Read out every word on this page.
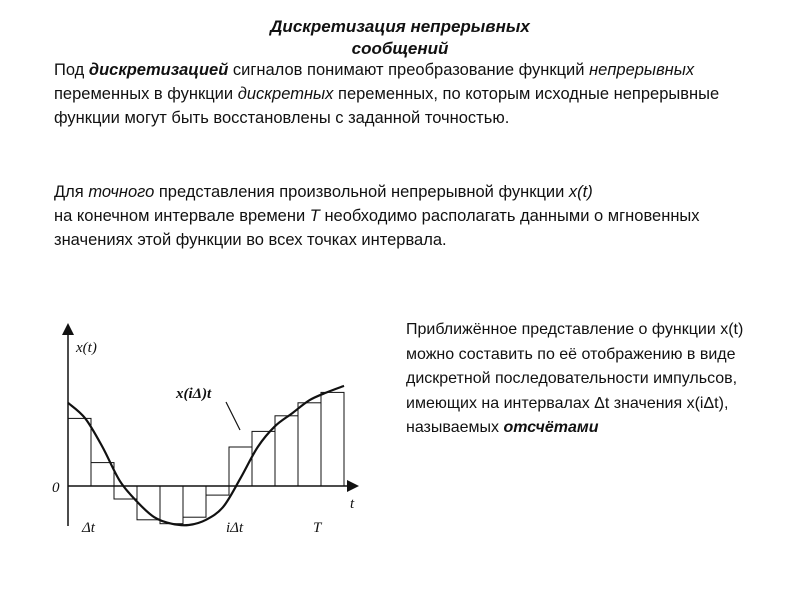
Дискретизация непрерывных
сообщений

Под дискретизацией сигналов понимают преобразование функций непрерывных переменных в функции дискретных переменных, по которым исходные непрерывные функции могут быть восстановлены с заданной точностью.

Для точного представления произвольной непрерывной функции x(t)
на конечном интервале времени T необходимо располагать данными о мгновенных значениях этой функции во всех точках интервала.

x(t)
t
0
x(iΔ)t
Δt	iΔt	T

Приближённое представление о функции x(t) можно составить по её отображению в виде дискретной последовательности импульсов, имеющих на интервалах Δt значения x(iΔt), называемых отсчётами
